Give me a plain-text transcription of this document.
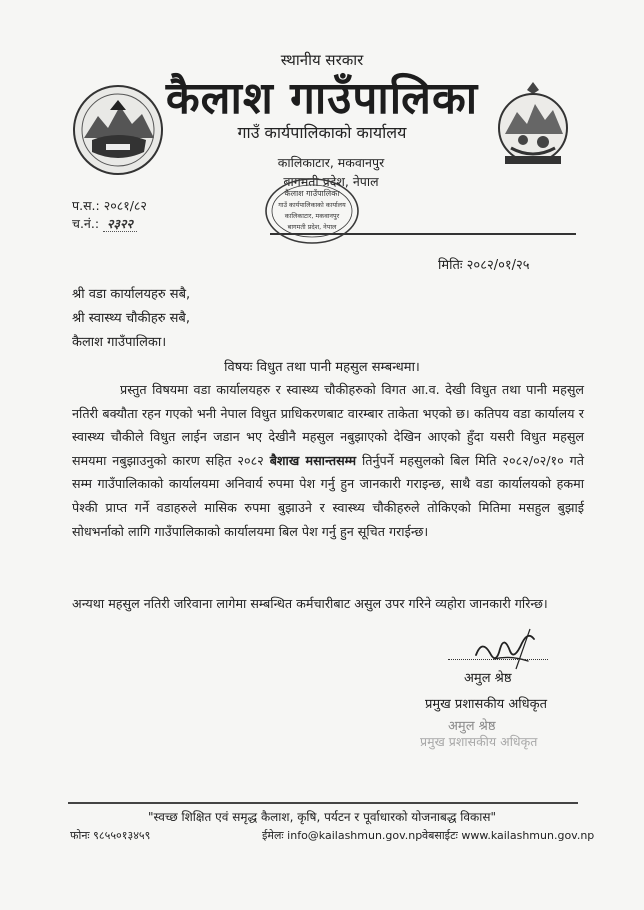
स्थानीय सरकार
कैलाश गाउँपालिका
गाउँ कार्यपालिकाको कार्यालय
कालिकाटार, मकवानपुर
बागमती प्रदेश, नेपाल
प.स.: २०८१/८२
च.नं.: २३२२
कैलाश गाउँपालिका
गाउँ कार्यपालिकाको कार्यालय
कालिकाटार, मकवानपुर
बागमती प्रदेश, नेपाल
मितिः २०८२/०१/२५
श्री वडा कार्यालयहरु सबै,
श्री स्वास्थ्य चौकीहरु सबै,
कैलाश गाउँपालिका।
विषयः विधुत तथा पानी महसुल सम्बन्धमा।
प्रस्तुत विषयमा वडा कार्यालयहरु र स्वास्थ्य चौकीहरुको विगत आ.व. देखी विधुत तथा पानी महसुल नतिरी बक्यौता रहन गएको भनी नेपाल विधुत प्राधिकरणबाट वारम्बार ताकेता भएको छ। कतिपय वडा कार्यालय र स्वास्थ्य चौकीले विधुत लाईन जडान भए देखीनै महसुल नबुझाएको देखिन आएको हुँदा यसरी विधुत महसुल समयमा नबुझाउनुको कारण सहित २०८२ बैशाख मसान्तसम्म तिर्नुपर्ने महसुलको बिल मिति २०८२/०२/१० गते सम्म गाउँपालिकाको कार्यालयमा अनिवार्य रुपमा पेश गर्नु हुन जानकारी गराइन्छ, साथै वडा कार्यालयको हकमा पेश्की प्राप्त गर्ने वडाहरुले मासिक रुपमा बुझाउने र स्वास्थ्य चौकीहरुले तोकिएको मितिमा मसहुल बुझाई सोधभर्नाको लागि गाउँपालिकाको कार्यालयमा बिल पेश गर्नु हुन सूचित गराईन्छ।
अन्यथा महसुल नतिरी जरिवाना लागेमा सम्बन्धित कर्मचारीबाट असुल उपर गरिने व्यहोरा जानकारी गरिन्छ।
अमुल श्रेष्ठ
प्रमुख प्रशासकीय अधिकृत
अमुल श्रेष्ठ
प्रमुख प्रशासकीय अधिकृत
"स्वच्छ शिक्षित एवं समृद्ध कैलाश, कृषि, पर्यटन र पूर्वाधारको योजनाबद्ध विकास"
फोनः ९८५५०१३४५९	ईमेलः info@kailashmun.gov.np वेबसाईटः www.kailashmun.gov.np
